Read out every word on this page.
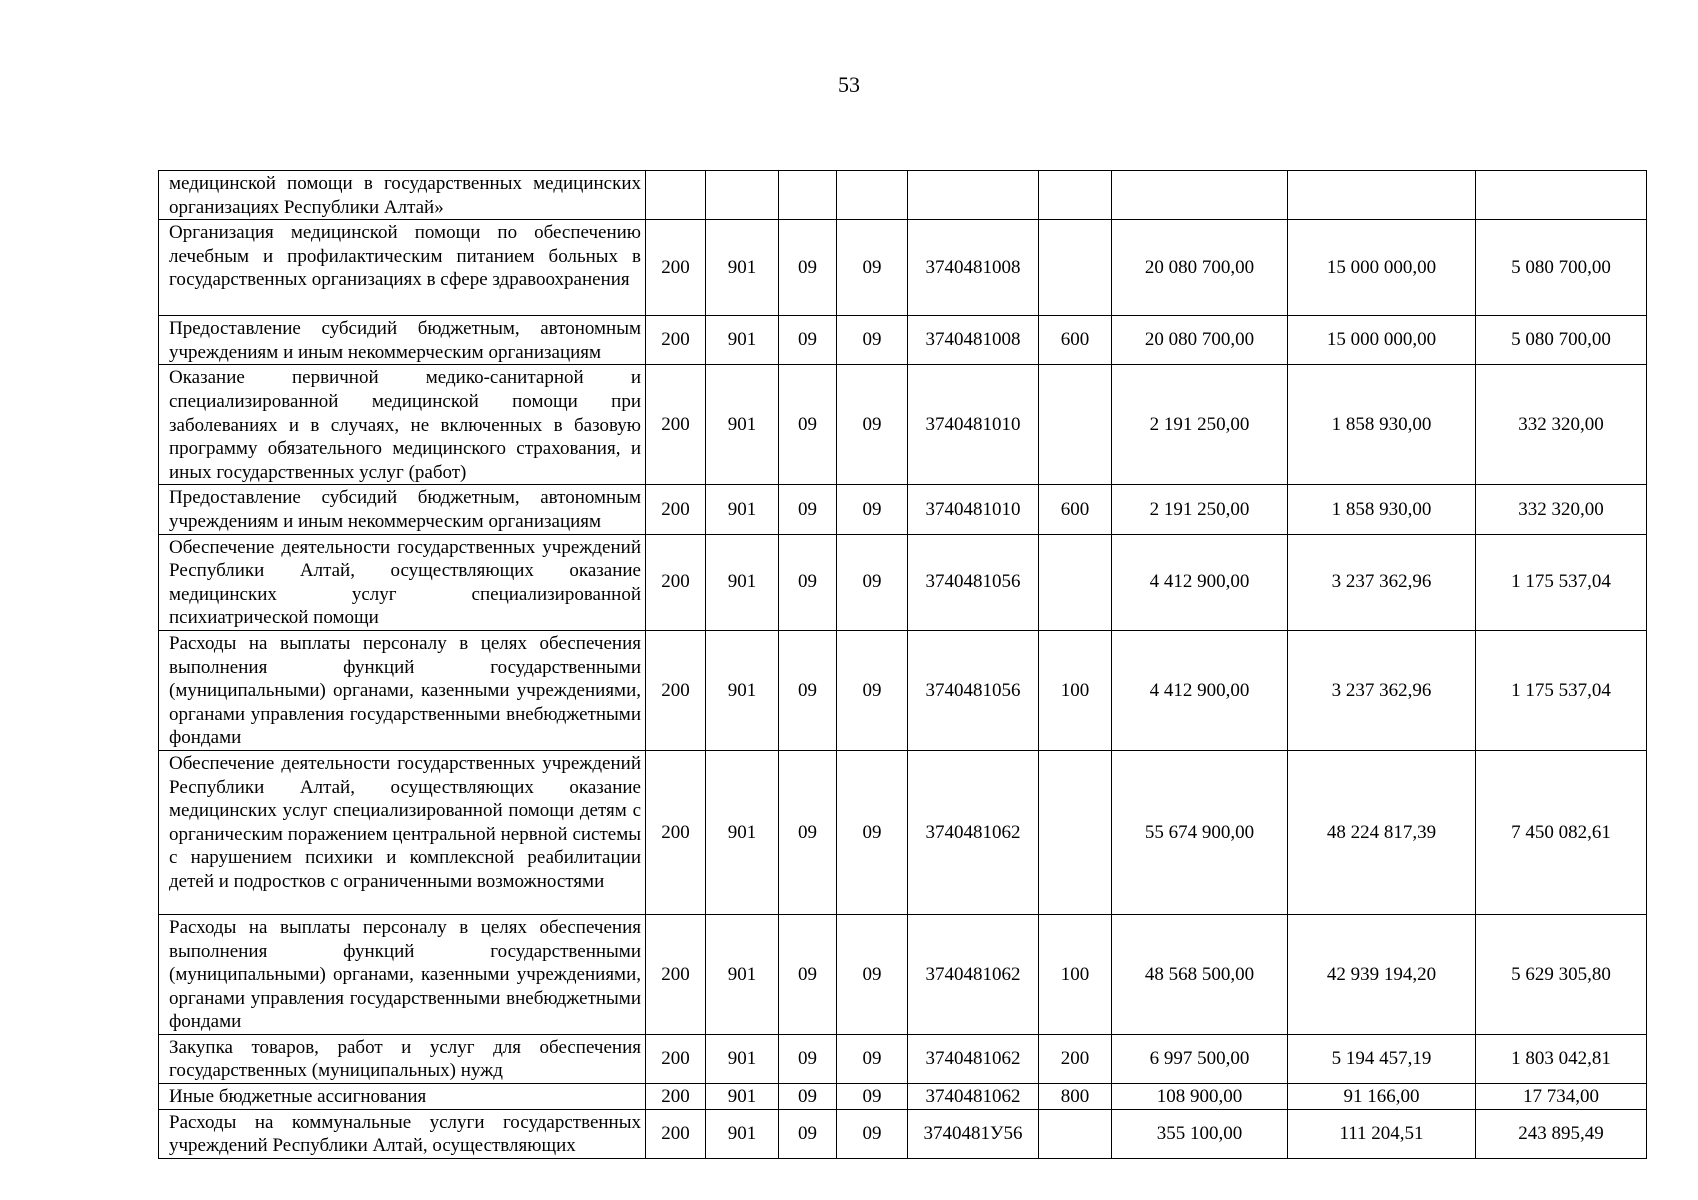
53
медицинской помощи в государственных медицинских организациях Республики Алтай»									
Организация медицинской помощи по обеспечению лечебным и профилактическим питанием больных в государственных организациях в сфере здравоохранения	200	901	09	09	3740481008		20 080 700,00	15 000 000,00	5 080 700,00
Предоставление субсидий бюджетным, автономным учреждениям и иным некоммерческим организациям	200	901	09	09	3740481008	600	20 080 700,00	15 000 000,00	5 080 700,00
Оказание первичной медико-санитарной и специализированной медицинской помощи при заболеваниях и в случаях, не включенных в базовую программу обязательного медицинского страхования, и иных государственных услуг (работ)	200	901	09	09	3740481010		2 191 250,00	1 858 930,00	332 320,00
Предоставление субсидий бюджетным, автономным учреждениям и иным некоммерческим организациям	200	901	09	09	3740481010	600	2 191 250,00	1 858 930,00	332 320,00
Обеспечение деятельности государственных учреждений Республики Алтай, осуществляющих оказание медицинских услуг специализированной психиатрической помощи	200	901	09	09	3740481056		4 412 900,00	3 237 362,96	1 175 537,04
Расходы на выплаты персоналу в целях обеспечения выполнения функций государственными (муниципальными) органами, казенными учреждениями, органами управления государственными внебюджетными фондами	200	901	09	09	3740481056	100	4 412 900,00	3 237 362,96	1 175 537,04
Обеспечение деятельности государственных учреждений Республики Алтай, осуществляющих оказание медицинских услуг специализированной помощи детям с органическим поражением центральной нервной системы с нарушением психики и комплексной реабилитации детей и подростков с ограниченными возможностями	200	901	09	09	3740481062		55 674 900,00	48 224 817,39	7 450 082,61
Расходы на выплаты персоналу в целях обеспечения выполнения функций государственными (муниципальными) органами, казенными учреждениями, органами управления государственными внебюджетными фондами	200	901	09	09	3740481062	100	48 568 500,00	42 939 194,20	5 629 305,80
Закупка товаров, работ и услуг для обеспечения государственных (муниципальных) нужд	200	901	09	09	3740481062	200	6 997 500,00	5 194 457,19	1 803 042,81
Иные бюджетные ассигнования	200	901	09	09	3740481062	800	108 900,00	91 166,00	17 734,00
Расходы на коммунальные услуги государственных учреждений Республики Алтай, осуществляющих	200	901	09	09	3740481У56		355 100,00	111 204,51	243 895,49
